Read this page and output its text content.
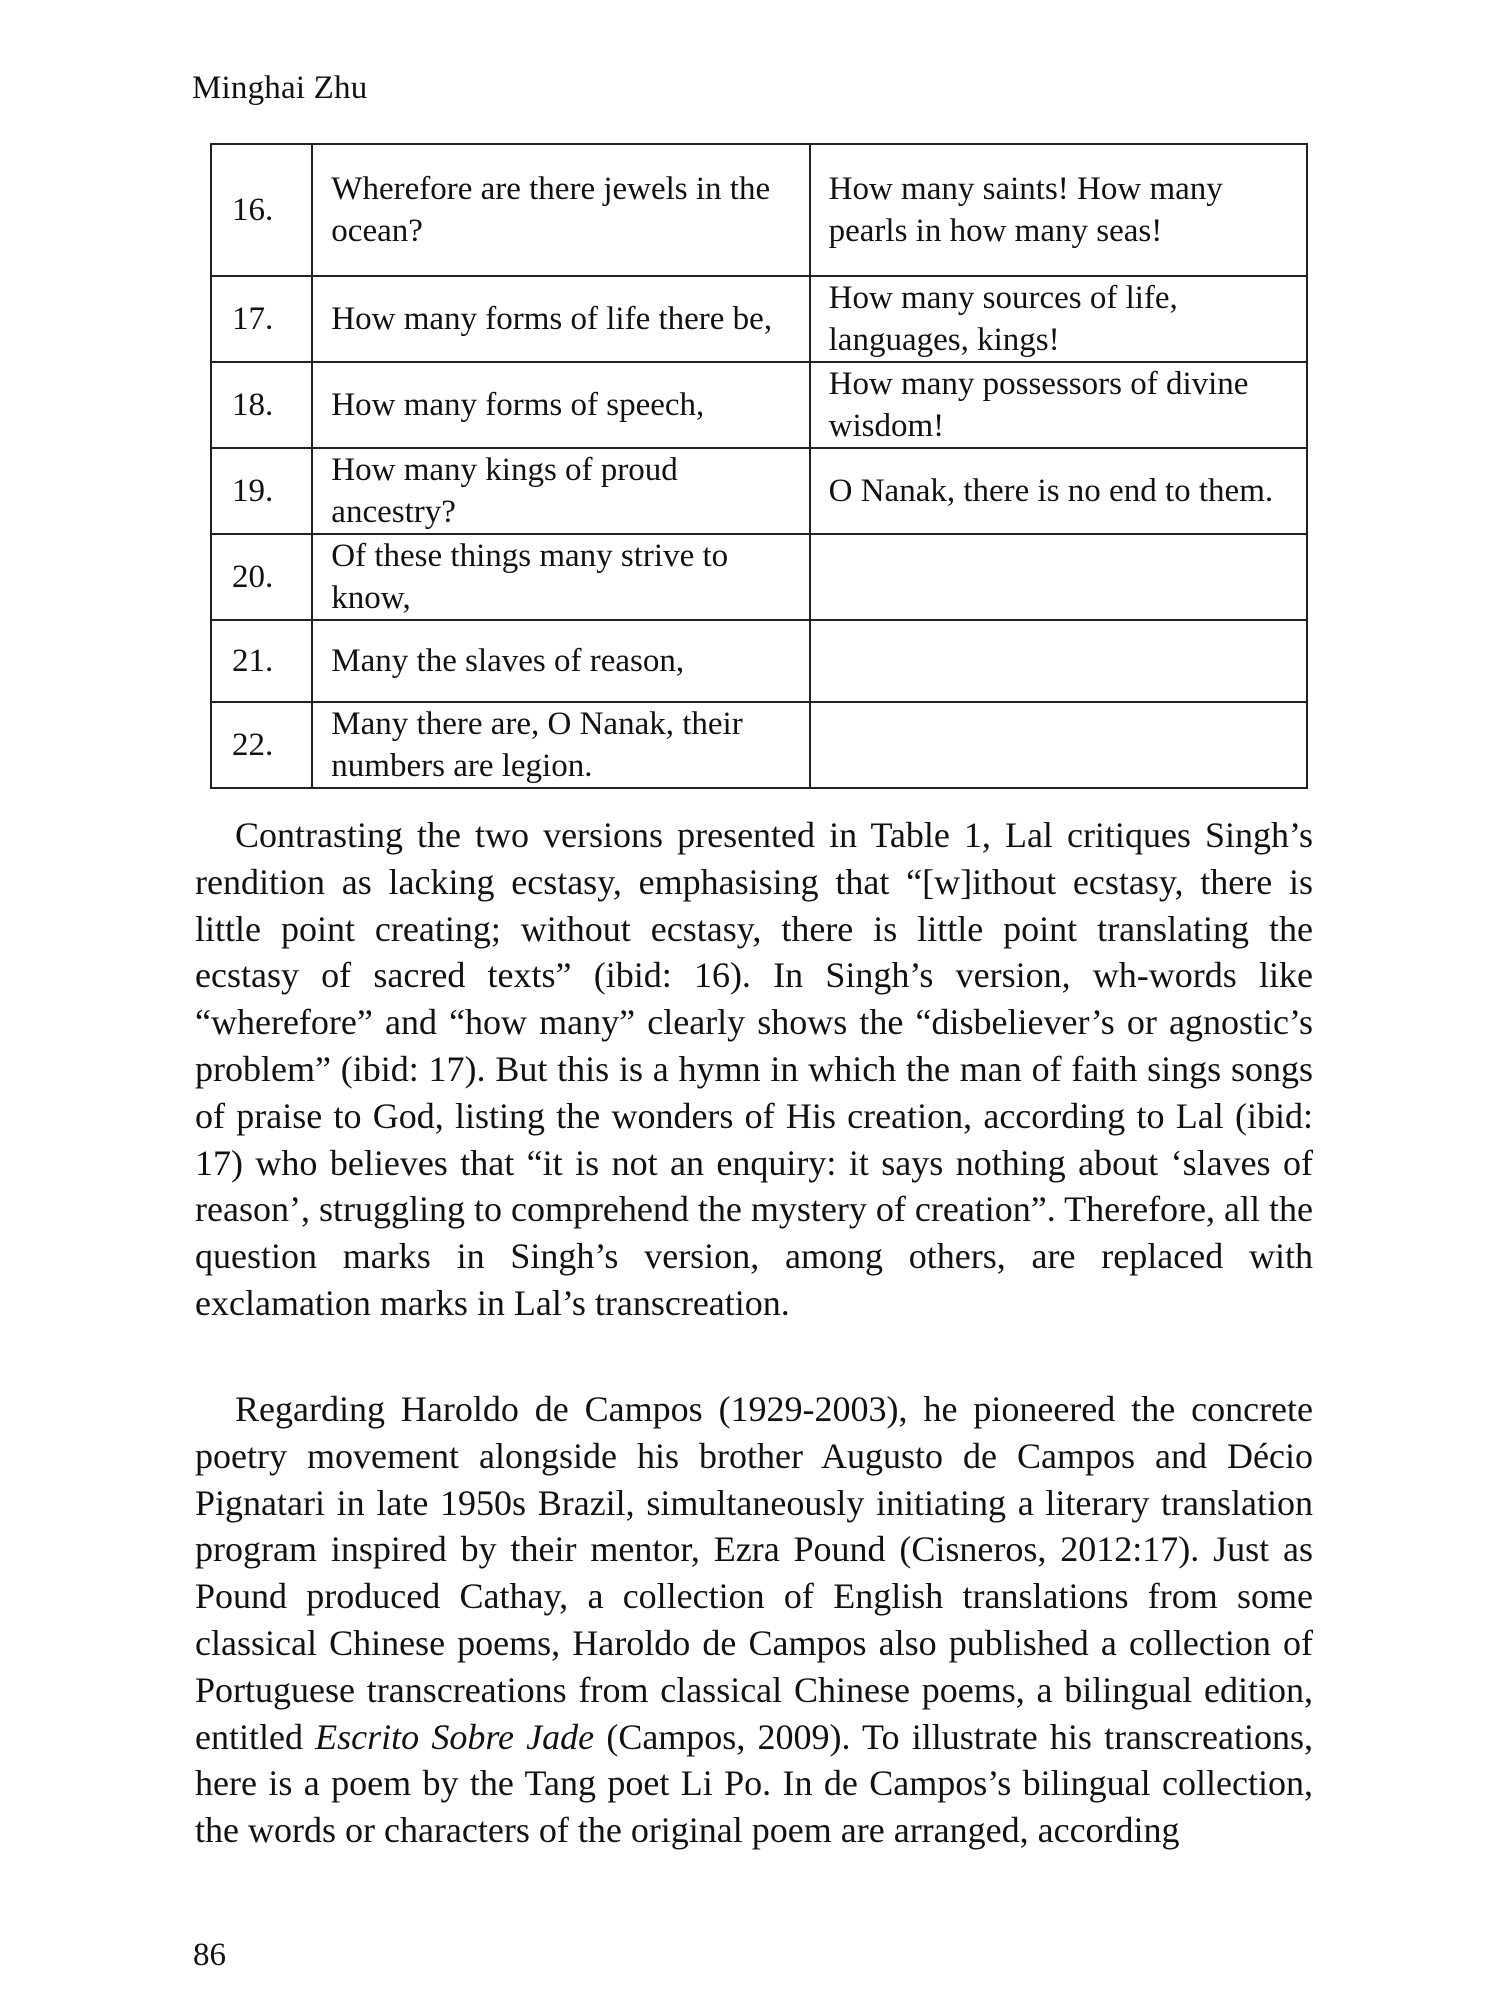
Minghai Zhu
16.	Wherefore are there jewels in the ocean?	How many saints! How many pearls in how many seas!
17.	How many forms of life there be,	How many sources of life, languages, kings!
18.	How many forms of speech,	How many possessors of divine wisdom!
19.	How many kings of proud ancestry?	O Nanak, there is no end to them.
20.	Of these things many strive to know,	
21.	Many the slaves of reason,	
22.	Many there are, O Nanak, their numbers are legion.	

Contrasting the two versions presented in Table 1, Lal critiques Singh’s rendition as lacking ecstasy, emphasising that “[w]ithout ecstasy, there is little point creating; without ecstasy, there is little point translating the ecstasy of sacred texts” (ibid: 16). In Singh’s version, wh-words like “wherefore” and “how many” clearly shows the “disbeliever’s or agnostic’s problem” (ibid: 17). But this is a hymn in which the man of faith sings songs of praise to God, listing the wonders of His creation, according to Lal (ibid: 17) who believes that “it is not an enquiry: it says nothing about ‘slaves of reason’, struggling to comprehend the mystery of creation”. Therefore, all the question marks in Singh’s version, among others, are replaced with exclamation marks in Lal’s transcreation.

Regarding Haroldo de Campos (1929-2003), he pioneered the concrete poetry movement alongside his brother Augusto de Campos and Décio Pignatari in late 1950s Brazil, simultaneously initiating a literary translation program inspired by their mentor, Ezra Pound (Cisneros, 2012:17). Just as Pound produced Cathay, a collection of English translations from some classical Chinese poems, Haroldo de Campos also published a collection of Portuguese transcreations from classical Chinese poems, a bilingual edition, entitled Escrito Sobre Jade (Campos, 2009). To illustrate his transcreations, here is a poem by the Tang poet Li Po. In de Campos’s bilingual collection, the words or characters of the original poem are arranged, according

86
